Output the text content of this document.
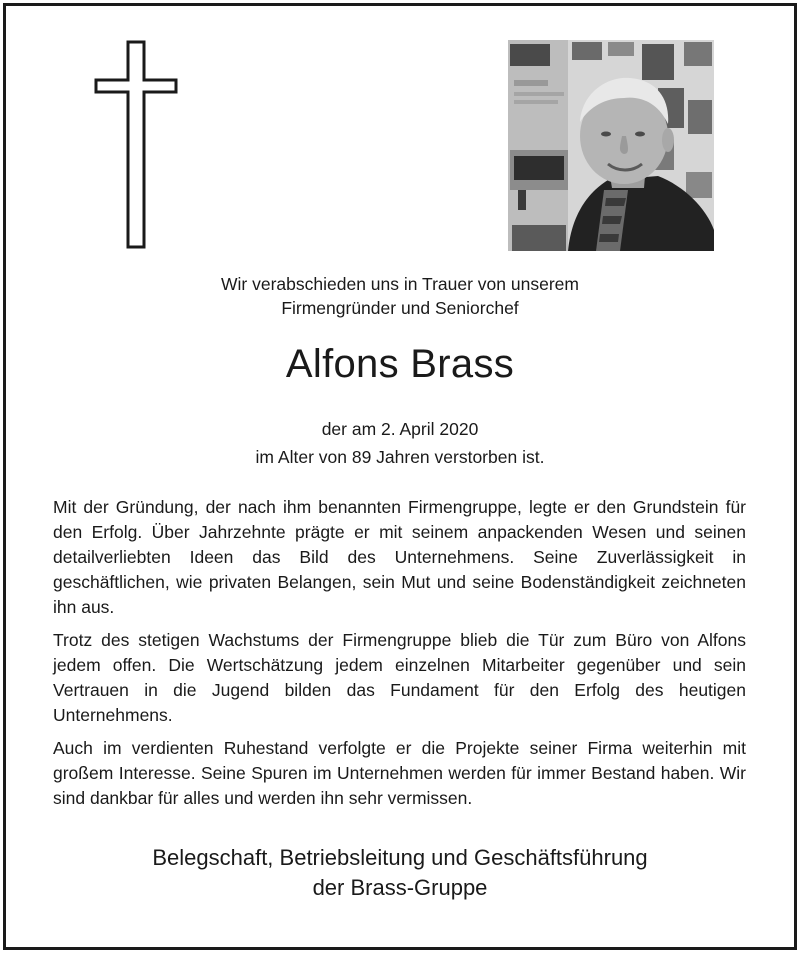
Wir verabschieden uns in Trauer von unserem
Firmengründer und Seniorchef
Alfons Brass
der am 2. April 2020
im Alter von 89 Jahren verstorben ist.

Mit der Gründung, der nach ihm benannten Firmengruppe, legte er den Grundstein für den Erfolg. Über Jahrzehnte prägte er mit seinem anpackenden Wesen und seinen detailverliebten Ideen das Bild des Unternehmens. Seine Zuverlässigkeit in geschäftlichen, wie privaten Belangen, sein Mut und seine Bodenständigkeit zeichneten ihn aus.

Trotz des stetigen Wachstums der Firmengruppe blieb die Tür zum Büro von Alfons jedem offen. Die Wertschätzung jedem einzelnen Mitarbeiter gegenüber und sein Vertrauen in die Jugend bilden das Fundament für den Erfolg des heutigen Unternehmens.

Auch im verdienten Ruhestand verfolgte er die Projekte seiner Firma weiterhin mit großem Interesse. Seine Spuren im Unternehmen werden für immer Bestand haben. Wir sind dankbar für alles und werden ihn sehr vermissen.

Belegschaft, Betriebsleitung und Geschäftsführung
der Brass-Gruppe
